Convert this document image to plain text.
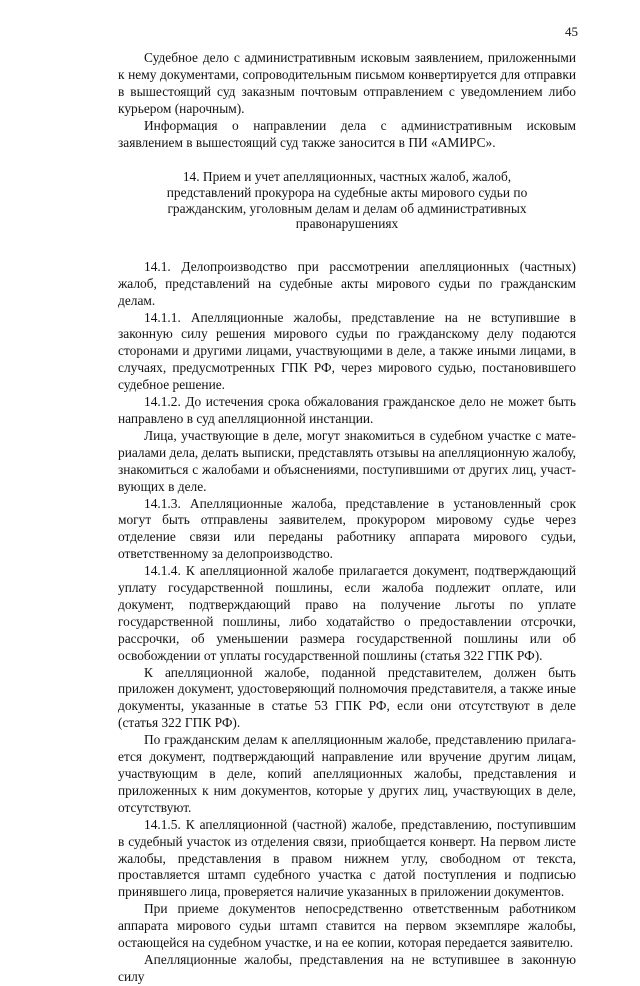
45

Судебное дело с административным исковым заявлением, приложенными к нему документами, сопроводительным письмом конвертируется для отправки в вышестоящий суд заказным почтовым отправлением с уведомлением либо курьером (нарочным).

Информация о направлении дела с административным исковым заявлением в вышестоящий суд также заносится в ПИ «АМИРС».

14. Прием и учет апелляционных, частных жалоб, жалоб, представлений прокурора на судебные акты мирового судьи по гражданским, уголовным делам и делам об административных правонарушениях

14.1. Делопроизводство при рассмотрении апелляционных (частных) жалоб, представлений на судебные акты мирового судьи по гражданским делам.

14.1.1. Апелляционные жалобы, представление на не вступившие в законную силу решения мирового судьи по гражданскому делу подаются сторонами и другими лицами, участвующими в деле, а также иными лицами, в случаях, предусмотренных ГПК РФ, через мирового судью, постановившего судебное решение.

14.1.2. До истечения срока обжалования гражданское дело не может быть направлено в суд апелляционной инстанции.

Лица, участвующие в деле, могут знакомиться в судебном участке с материалами дела, делать выписки, представлять отзывы на апелляционную жалобу, знакомиться с жалобами и объяснениями, поступившими от других лиц, участвующих в деле.

14.1.3. Апелляционные жалоба, представление в установленный срок могут быть отправлены заявителем, прокурором мировому судье через отделение связи или переданы работнику аппарата мирового судьи, ответственному за делопроизводство.

14.1.4. К апелляционной жалобе прилагается документ, подтверждающий уплату государственной пошлины, если жалоба подлежит оплате, или документ, подтверждающий право на получение льготы по уплате государственной пошлины, либо ходатайство о предоставлении отсрочки, рассрочки, об уменьшении размера государственной пошлины или об освобождении от уплаты государственной пошлины (статья 322 ГПК РФ).

К апелляционной жалобе, поданной представителем, должен быть приложен документ, удостоверяющий полномочия представителя, а также иные документы, указанные в статье 53 ГПК РФ, если они отсутствуют в деле (статья 322 ГПК РФ).

По гражданским делам к апелляционным жалобе, представлению прилагается документ, подтверждающий направление или вручение другим лицам, участвующим в деле, копий апелляционных жалобы, представления и приложенных к ним документов, которые у других лиц, участвующих в деле, отсутствуют.

14.1.5. К апелляционной (частной) жалобе, представлению, поступившим в судебный участок из отделения связи, приобщается конверт. На первом листе жалобы, представления в правом нижнем углу, свободном от текста, проставляется штамп судебного участка с датой поступления и подписью принявшего лица, проверяется наличие указанных в приложении документов.

При приеме документов непосредственно ответственным работником аппарата мирового судьи штамп ставится на первом экземпляре жалобы, остающейся на судебном участке, и на ее копии, которая передается заявителю.

Апелляционные жалобы, представления на не вступившее в законную силу
